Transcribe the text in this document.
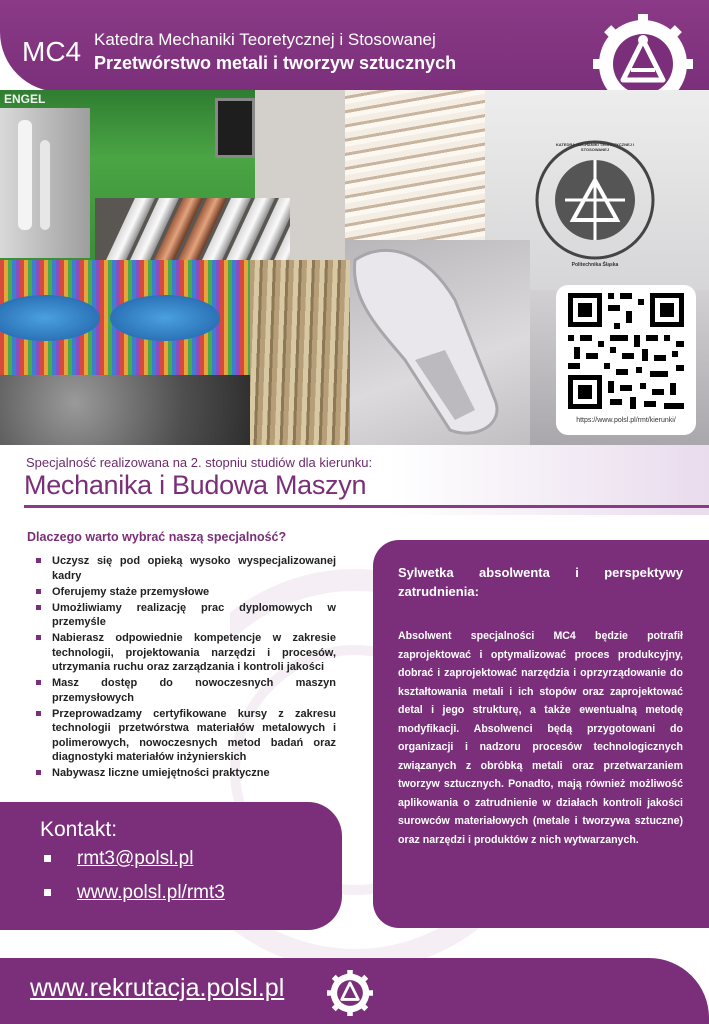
MC4 Katedra Mechaniki Teoretycznej i Stosowanej
Przetwórstwo metali i tworzyw sztucznych
ENGEL
KATEDRA MECHANIKI TEORETYCZNEJ I STOSOWANEJ
Politechnika Śląska
https://www.polsl.pl/rmt/kierunki/
Specjalność realizowana na 2. stopniu studiów dla kierunku:
Mechanika i Budowa Maszyn
Dlaczego warto wybrać naszą specjalność?
Uczysz się pod opieką wysoko wyspecjalizowanej kadry
Oferujemy staże przemysłowe
Umożliwiamy realizację prac dyplomowych w przemyśle
Nabierasz odpowiednie kompetencje w zakresie technologii, projektowania narzędzi i procesów, utrzymania ruchu oraz zarządzania i kontroli jakości
Masz dostęp do nowoczesnych maszyn przemysłowych
Przeprowadzamy certyfikowane kursy z zakresu technologii przetwórstwa materiałów metalowych i polimerowych, nowoczesnych metod badań oraz diagnostyki materiałów inżynierskich
Nabywasz liczne umiejętności praktyczne
Kontakt:
rmt3@polsl.pl
www.polsl.pl/rmt3
Sylwetka absolwenta i perspektywy zatrudnienia:
Absolwent specjalności MC4 będzie potrafił zaprojektować i optymalizować proces produkcyjny, dobrać i zaprojektować narzędzia i oprzyrządowanie do kształtowania metali i ich stopów oraz zaprojektować detal i jego strukturę, a także ewentualną metodę modyfikacji. Absolwenci będą przygotowani do organizacji i nadzoru procesów technologicznych związanych z obróbką metali oraz przetwarzaniem tworzyw sztucznych. Ponadto, mają również możliwość aplikowania o zatrudnienie w działach kontroli jakości surowców materiałowych (metale i tworzywa sztuczne) oraz narzędzi i produktów z nich wytwarzanych.
www.rekrutacja.polsl.pl
